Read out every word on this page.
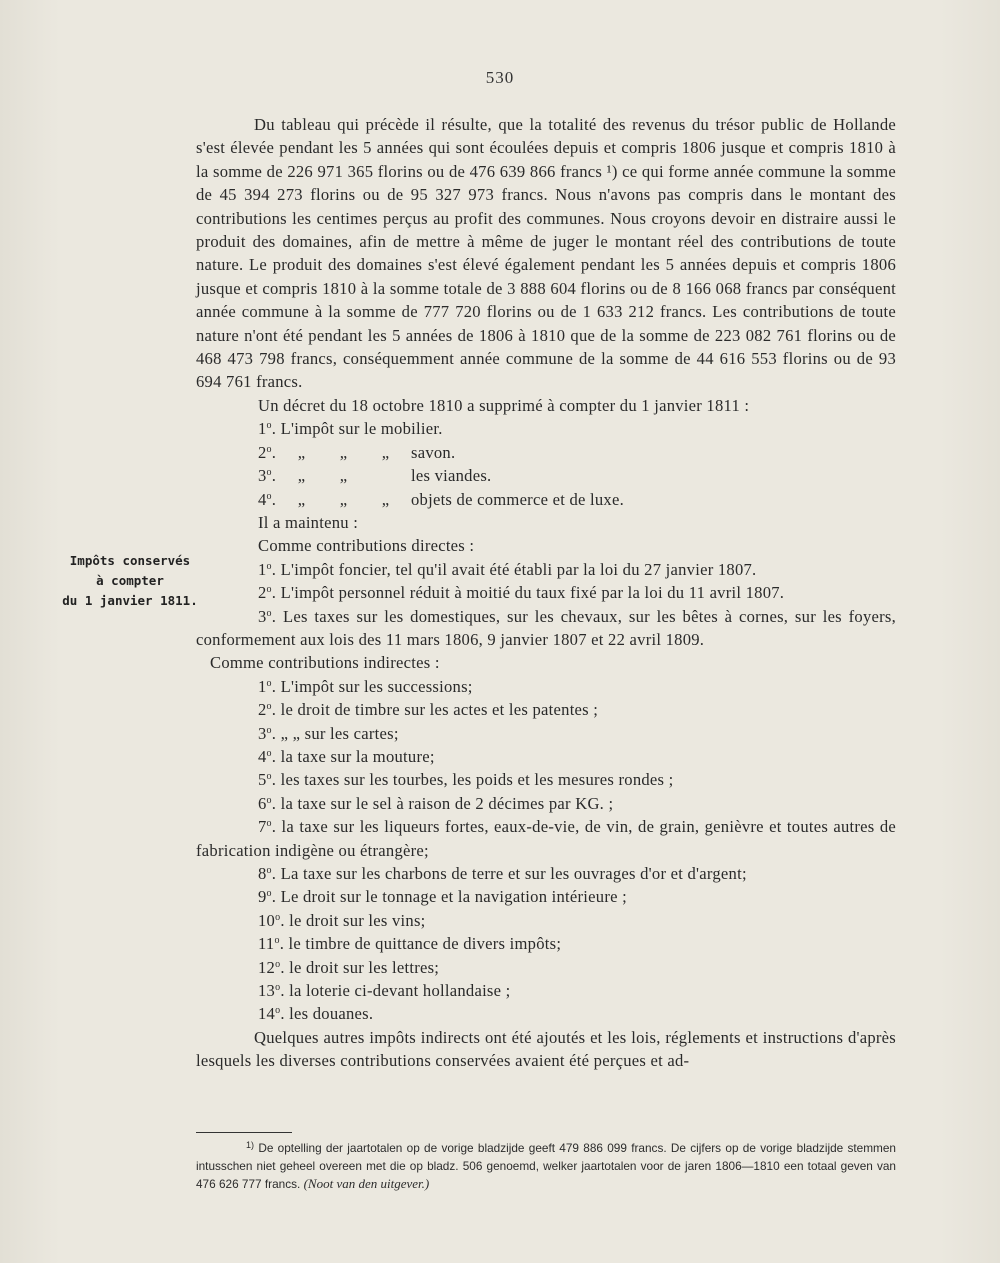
530
Impôts conservés
à compter
du 1 janvier 1811.

Du tableau qui précède il résulte, que la totalité des revenus du trésor public de Hollande s'est élevée pendant les 5 années qui sont écoulées depuis et compris 1806 jusque et compris 1810 à la somme de 226 971 365 florins ou de 476 639 866 francs ¹) ce qui forme année commune la somme de 45 394 273 florins ou de 95 327 973 francs. Nous n'avons pas compris dans le montant des contributions les centimes perçus au profit des communes. Nous croyons devoir en distraire aussi le produit des domaines, afin de mettre à même de juger le montant réel des contributions de toute nature. Le produit des domaines s'est élevé également pendant les 5 années depuis et compris 1806 jusque et compris 1810 à la somme totale de 3 888 604 florins ou de 8 166 068 francs par conséquent année commune à la somme de 777 720 florins ou de 1 633 212 francs. Les contributions de toute nature n'ont été pendant les 5 années de 1806 à 1810 que de la somme de 223 082 761 florins ou de 468 473 798 francs, conséquemment année commune de la somme de 44 616 553 florins ou de 93 694 761 francs.

Un décret du 18 octobre 1810 a supprimé à compter du 1 janvier 1811 :

1$^o$. L'impôt sur le mobilier.

2$^o$. „ „ „ savon.

3$^o$. „ „	les viandes.

4$^o$. „ „ „ objets de commerce et de luxe.

Il a maintenu :

Comme contributions directes :

1$^o$. L'impôt foncier, tel qu'il avait été établi par la loi du 27 janvier 1807.

2$^o$. L'impôt personnel réduit à moitié du taux fixé par la loi du 11 avril 1807.

3$^o$. Les taxes sur les domestiques, sur les chevaux, sur les bêtes à cornes, sur les foyers, conformement aux lois des 11 mars 1806, 9 janvier 1807 et 22 avril 1809.

Comme contributions indirectes :

1$^o$. L'impôt sur les successions;

2$^o$. le droit de timbre sur les actes et les patentes ;

3$^o$. „ „ sur les cartes;

4$^o$. la taxe sur la mouture;

5$^o$. les taxes sur les tourbes, les poids et les mesures rondes ;

6$^o$. la taxe sur le sel à raison de 2 décimes par KG. ;

7$^o$. la taxe sur les liqueurs fortes, eaux-de-vie, de vin, de grain, genièvre et toutes autres de fabrication indigène ou étrangère;

8$^o$. La taxe sur les charbons de terre et sur les ouvrages d'or et d'argent;

9$^o$. Le droit sur le tonnage et la navigation intérieure ;

10$^o$. le droit sur les vins;

11$^o$. le timbre de quittance de divers impôts;

12$^o$. le droit sur les lettres;

13$^o$. la loterie ci-devant hollandaise ;

14$^o$. les douanes.

Quelques autres impôts indirects ont été ajoutés et les lois, réglements et instructions d'après lesquels les diverses contributions conservées avaient été perçues et ad-

$^{1)}$ De optelling der jaartotalen op de vorige bladzijde geeft 479 886 099 francs. De cijfers op de vorige bladzijde stemmen intusschen niet geheel overeen met die op bladz. 506 genoemd, welker jaartotalen voor de jaren 1806—1810 een totaal geven van 476 626 777 francs. (Noot van den uitgever.)
